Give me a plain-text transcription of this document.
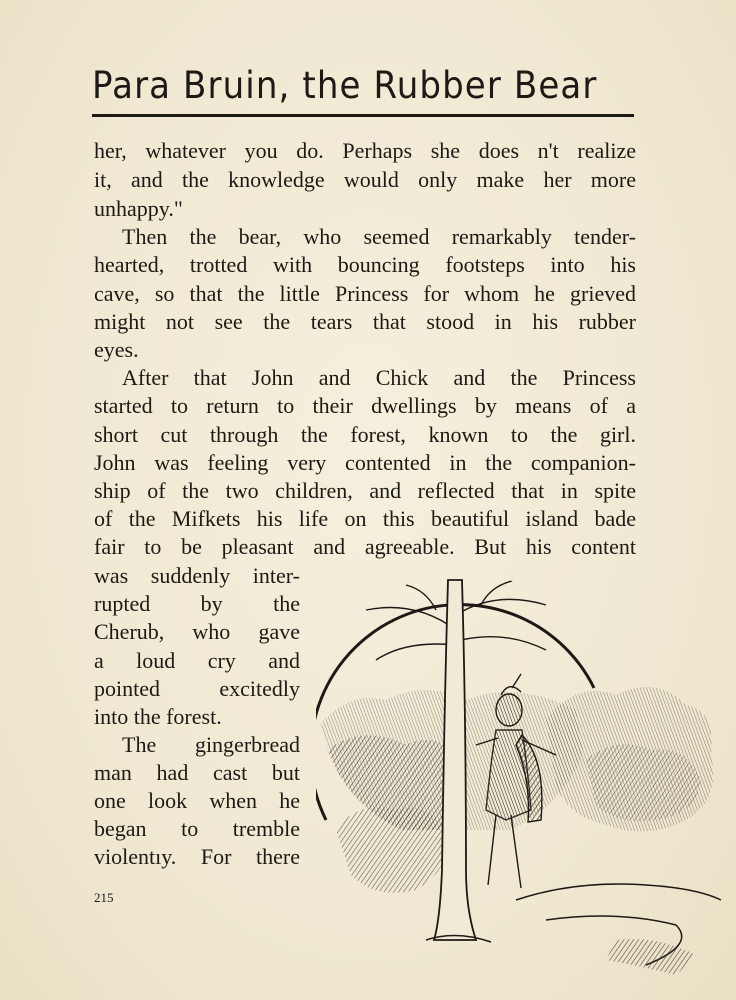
Para Bruin, the Rubber Bear
her, whatever you do. Perhaps she does n't realize
it, and the knowledge would only make her more
unhappy."
Then the bear, who seemed remarkably tender-
hearted, trotted with bouncing footsteps into his
cave, so that the little Princess for whom he grieved
might not see the tears that stood in his rubber
eyes.
After that John and Chick and the Princess
started to return to their dwellings by means of a
short cut through the forest, known to the girl.
John was feeling very contented in the companion-
ship of the two children, and reflected that in spite
of the Mifkets his life on this beautiful island bade
fair to be pleasant and agreeable. But his content
was suddenly inter-
rupted by the
Cherub, who gave
a loud cry and
pointed excitedly
into the forest.
The gingerbread
man had cast but
one look when he
began to tremble
violentıy. For there
215
